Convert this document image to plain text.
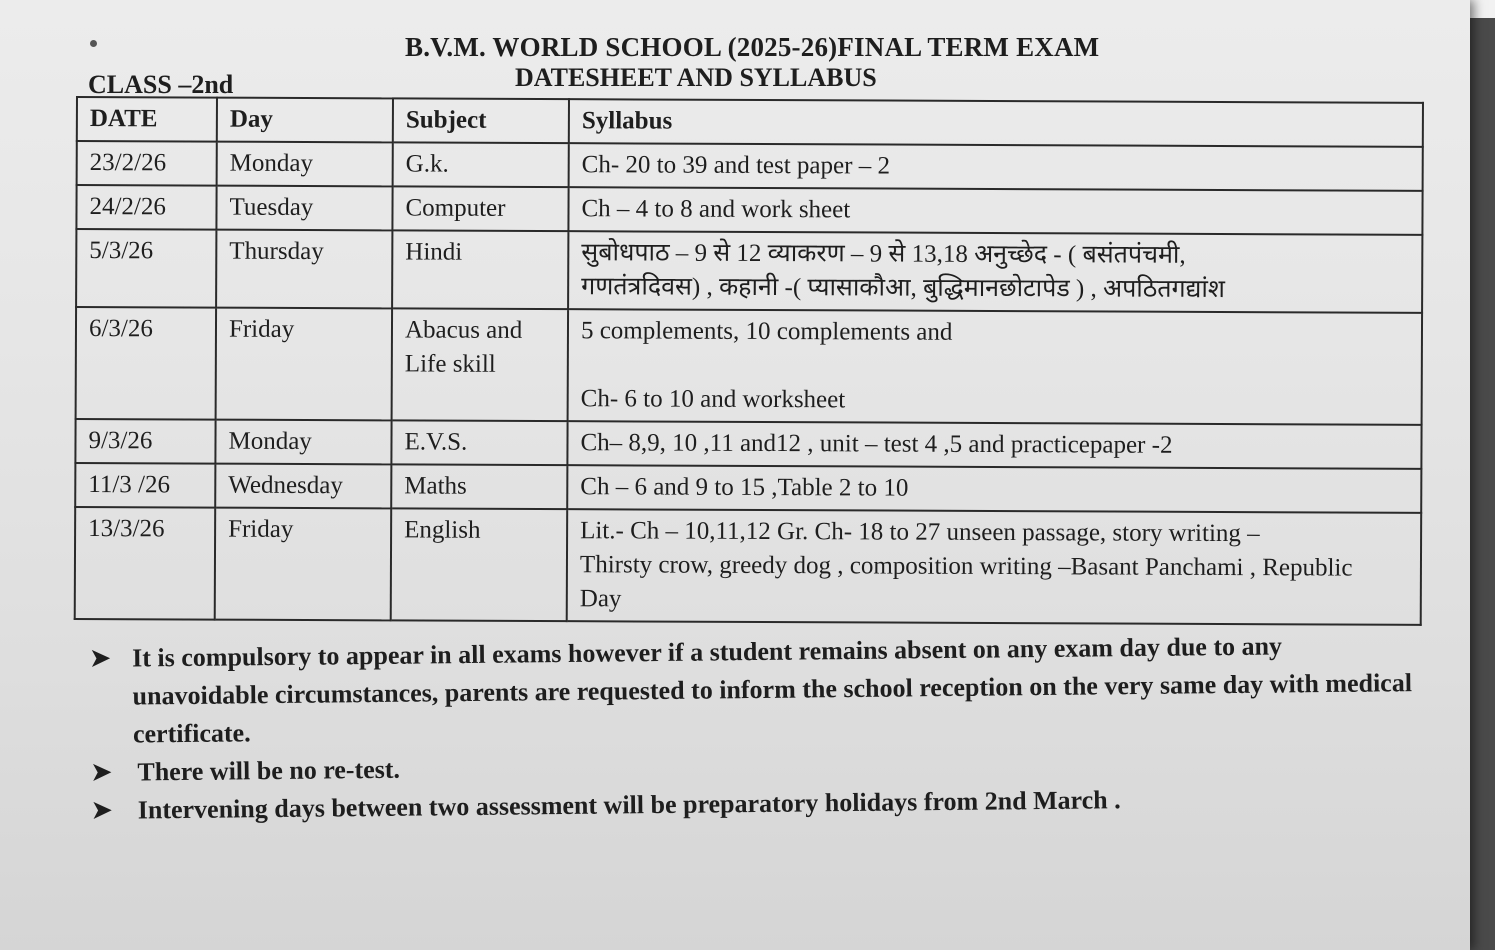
B.V.M. WORLD SCHOOL (2025-26)FINAL TERM EXAM
CLASS –2nd	DATESHEET AND SYLLABUS
DATE	Day	Subject	Syllabus
23/2/26	Monday	G.k.	Ch- 20 to 39 and test paper – 2

24/2/26	Tuesday	Computer	Ch – 4 to 8 and work sheet

5/3/26	Thursday	Hindi	सुबोधपाठ – 9 से 12 व्याकरण – 9 से 13,18 अनुच्छेद - ( बसंतपंचमी,
गणतंत्रदिवस) , कहानी -( प्यासाकौआ, बुद्धिमानछोटापेड ) , अपठितगद्यांश

6/3/26	Friday	Abacus and Life skill	5 complements, 10 complements and
Ch- 6 to 10 and worksheet

9/3/26	Monday	E.V.S.	Ch– 8,9, 10 ,11 and12 , unit – test 4 ,5 and practicepaper -2

11/3 /26	Wednesday	Maths	Ch – 6 and 9 to 15 ,Table 2 to 10

13/3/26	Friday	English	Lit.- Ch – 10,11,12 Gr. Ch- 18 to 27 unseen passage, story writing –
Thirsty crow, greedy dog , composition writing –Basant Panchami , Republic
Day
➤ It is compulsory to appear in all exams however if a student remains absent on any exam day due to any unavoidable circumstances, parents are requested to inform the school reception on the very same day with medical certificate.
➤ There will be no re-test.
➤ Intervening days between two assessment will be preparatory holidays from 2nd March .
